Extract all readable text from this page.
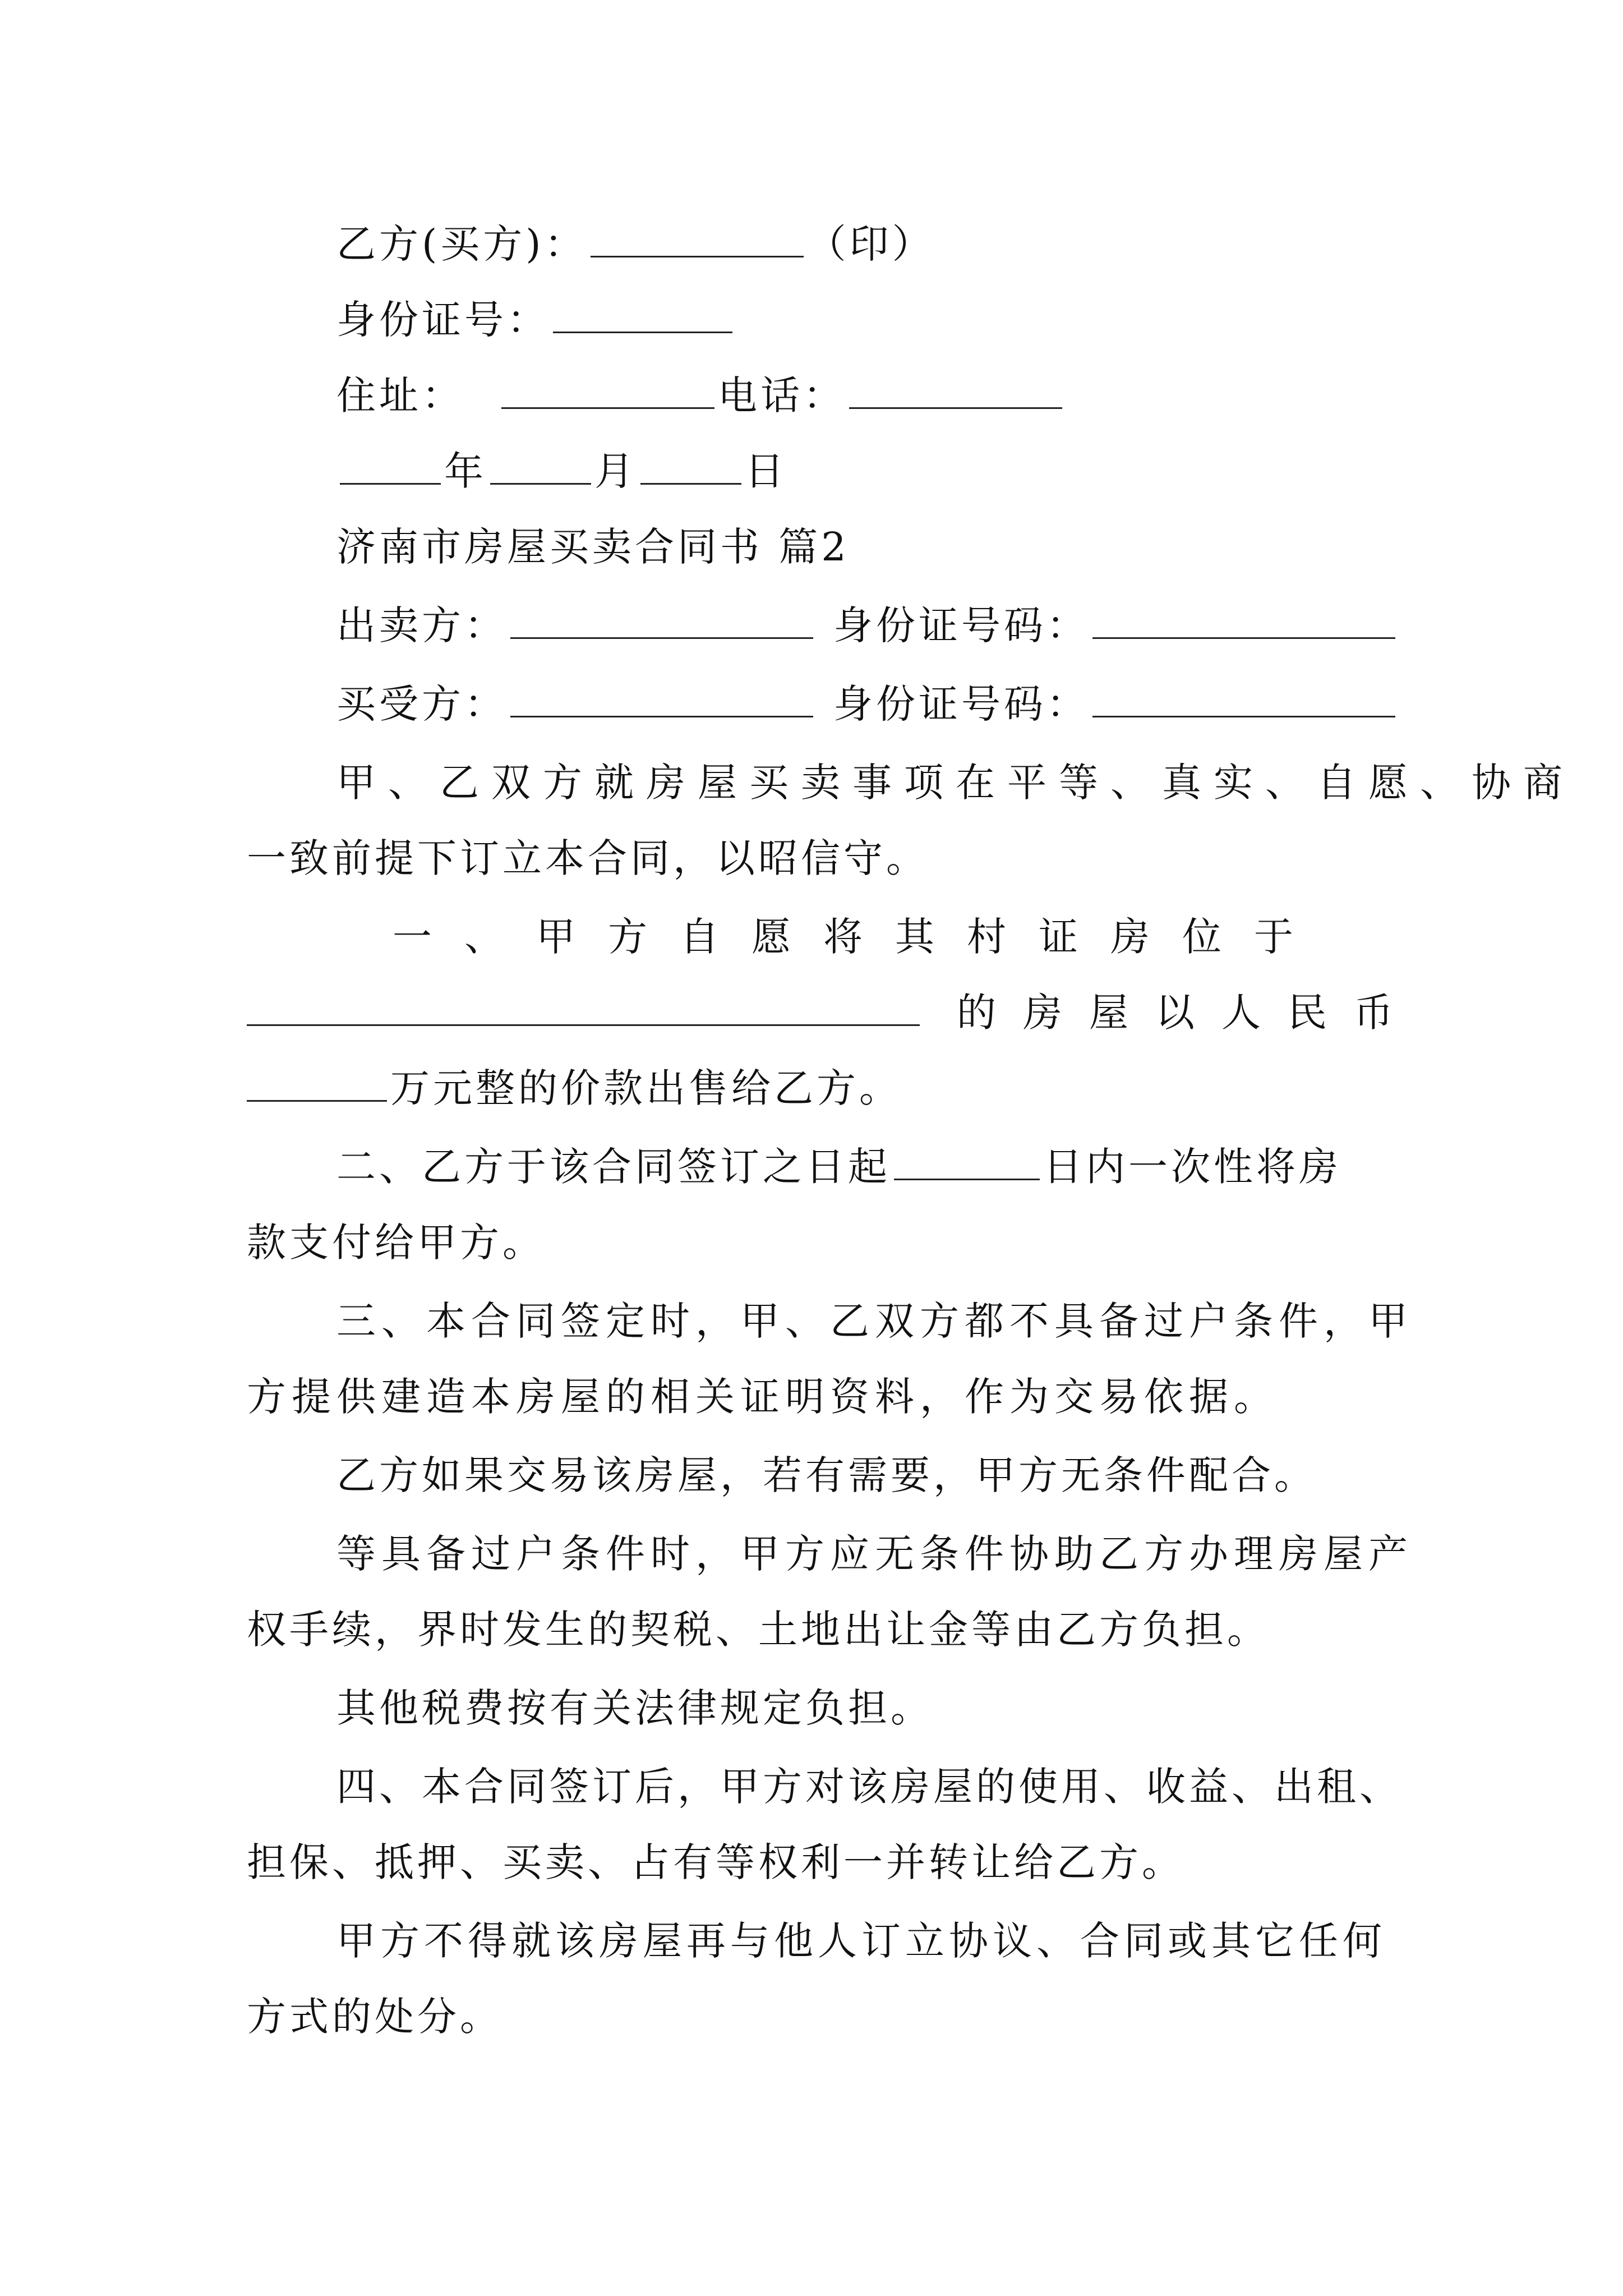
乙方(买方)：	（印）
身份证号：
住址：	电话：
年	月	日
济南市房屋买卖合同书 篇2
出卖方：	身份证号码：
买受方：	身份证号码：
甲、乙双方就房屋买卖事项在平等、真实、自愿、协商
一致前提下订立本合同，以昭信守。
一、甲方自愿将其村证房位于
的房屋以人民币
万元整的价款出售给乙方。
二、乙方于该合同签订之日起	日内一次性将房
款支付给甲方。
三、本合同签定时，甲、乙双方都不具备过户条件，甲
方提供建造本房屋的相关证明资料，作为交易依据。
乙方如果交易该房屋，若有需要，甲方无条件配合。
等具备过户条件时，甲方应无条件协助乙方办理房屋产
权手续，界时发生的契税、土地出让金等由乙方负担。
其他税费按有关法律规定负担。
四、本合同签订后，甲方对该房屋的使用、收益、出租、
担保、抵押、买卖、占有等权利一并转让给乙方。
甲方不得就该房屋再与他人订立协议、合同或其它任何
方式的处分。
